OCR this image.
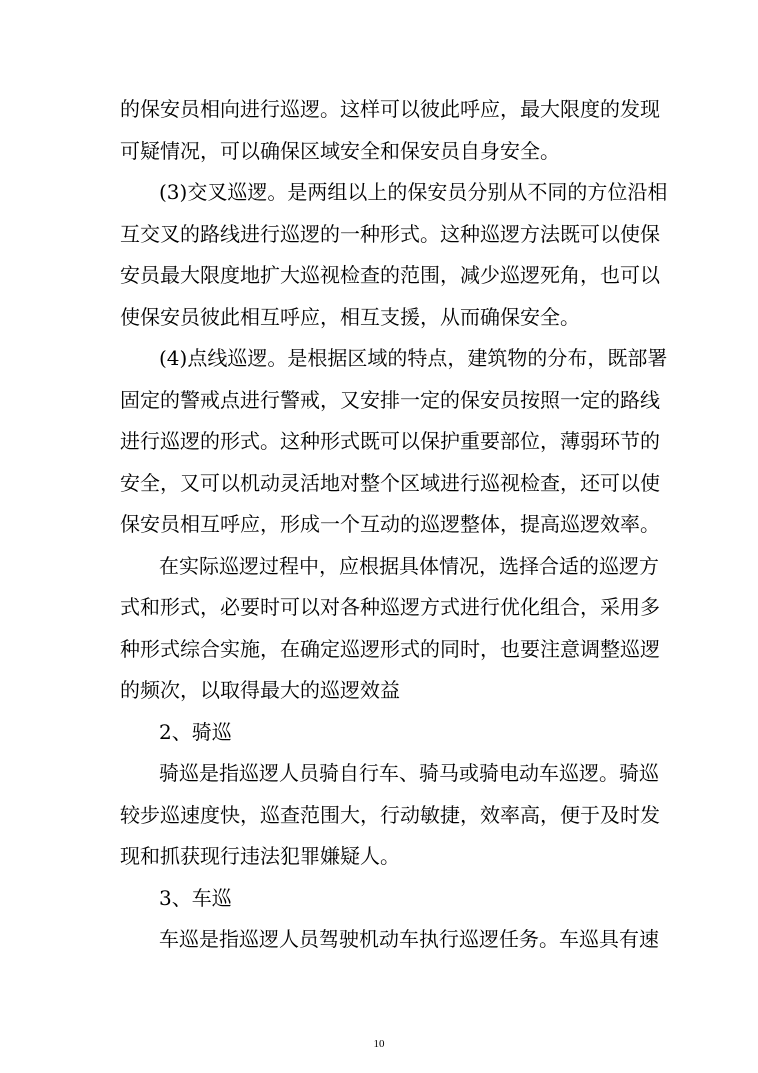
的保安员相向进行巡逻。这样可以彼此呼应，最大限度的发现
可疑情况，可以确保区域安全和保安员自身安全。
(3)交叉巡逻。是两组以上的保安员分别从不同的方位沿相
互交叉的路线进行巡逻的一种形式。这种巡逻方法既可以使保
安员最大限度地扩大巡视检查的范围，减少巡逻死角，也可以
使保安员彼此相互呼应，相互支援，从而确保安全。
(4)点线巡逻。是根据区域的特点，建筑物的分布，既部署
固定的警戒点进行警戒，又安排一定的保安员按照一定的路线
进行巡逻的形式。这种形式既可以保护重要部位，薄弱环节的
安全，又可以机动灵活地对整个区域进行巡视检查，还可以使
保安员相互呼应，形成一个互动的巡逻整体，提高巡逻效率。
在实际巡逻过程中，应根据具体情况，选择合适的巡逻方
式和形式，必要时可以对各种巡逻方式进行优化组合，采用多
种形式综合实施，在确定巡逻形式的同时，也要注意调整巡逻
的频次，以取得最大的巡逻效益
2、骑巡
骑巡是指巡逻人员骑自行车、骑马或骑电动车巡逻。骑巡
较步巡速度快，巡查范围大，行动敏捷，效率高，便于及时发
现和抓获现行违法犯罪嫌疑人。
3、车巡
车巡是指巡逻人员驾驶机动车执行巡逻任务。车巡具有速
10
